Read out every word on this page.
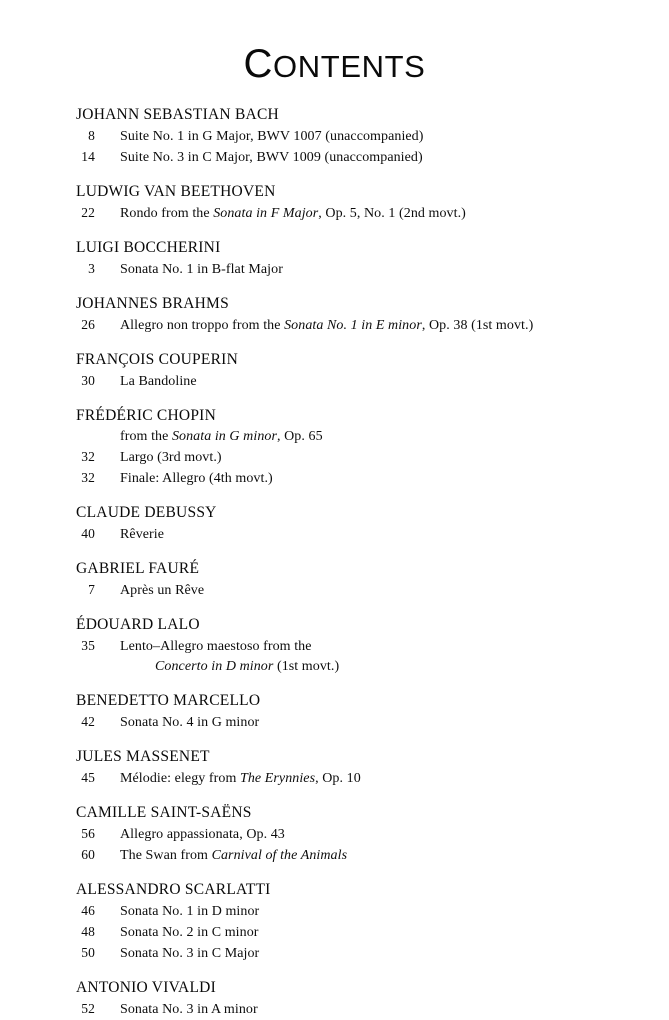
CONTENTS
JOHANN SEBASTIAN BACH
8 Suite No. 1 in G Major, BWV 1007 (unaccompanied)
14 Suite No. 3 in C Major, BWV 1009 (unaccompanied)
LUDWIG VAN BEETHOVEN
22 Rondo from the Sonata in F Major, Op. 5, No. 1 (2nd movt.)
LUIGI BOCCHERINI
3 Sonata No. 1 in B-flat Major
JOHANNES BRAHMS
26 Allegro non troppo from the Sonata No. 1 in E minor, Op. 38 (1st movt.)
FRANÇOIS COUPERIN
30 La Bandoline
FRÉDÉRIC CHOPIN
from the Sonata in G minor, Op. 65
32 Largo (3rd movt.)
32 Finale: Allegro (4th movt.)
CLAUDE DEBUSSY
40 Rêverie
GABRIEL FAURÉ
7 Après un Rêve
ÉDOUARD LALO
35 Lento–Allegro maestoso from the
Concerto in D minor (1st movt.)
BENEDETTO MARCELLO
42 Sonata No. 4 in G minor
JULES MASSENET
45 Mélodie: elegy from The Erynnies, Op. 10
CAMILLE SAINT-SAËNS
56 Allegro appassionata, Op. 43
60 The Swan from Carnival of the Animals
ALESSANDRO SCARLATTI
46 Sonata No. 1 in D minor
48 Sonata No. 2 in C minor
50 Sonata No. 3 in C Major
ANTONIO VIVALDI
52 Sonata No. 3 in A minor
